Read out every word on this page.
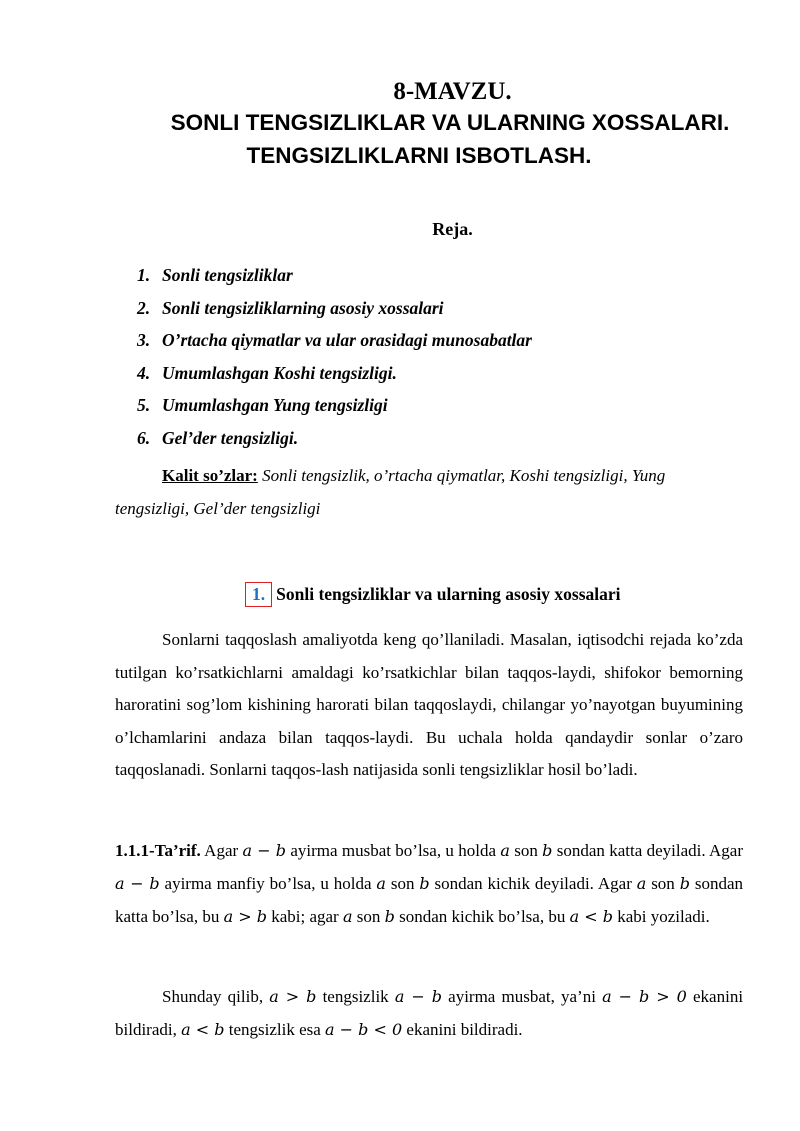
8-MAVZU.
SONLI TENGSIZLIKLAR VA ULARNING XOSSALARI.
TENGSIZLIKLARNI ISBOTLASH.
Reja.
1. Sonli tengsizliklar
2. Sonli tengsizliklarning asosiy xossalari
3. O’rtacha qiymatlar va ular orasidagi munosabatlar
4. Umumlashgan Koshi tengsizligi.
5. Umumlashgan Yung tengsizligi
6. Gel’der tengsizligi.
Kalit so’zlar: Sonli tengsizlik, o’rtacha qiymatlar, Koshi tengsizligi, Yung tengsizligi, Gel’der tengsizligi
1. Sonli tengsizliklar va ularning asosiy xossalari

Sonlarni taqqoslash amaliyotda keng qo’llaniladi. Masalan, iqtisodchi rejada ko’zda tutilgan ko’rsatkichlarni amaldagi ko’rsatkichlar bilan taqqos-laydi, shifokor bemorning haroratini sog’lom kishining harorati bilan taqqoslaydi, chilangar yo’nayotgan buyumining o’lchamlarini andaza bilan taqqos-laydi. Bu uchala holda qandaydir sonlar o’zaro taqqoslanadi. Sonlarni taqqos-lash natijasida sonli tengsizliklar hosil bo’ladi.

1.1.1-Ta’rif. Agar a − b ayirma musbat bo’lsa, u holda a son b sondan katta deyiladi. Agar a − b ayirma manfiy bo’lsa, u holda a son b sondan kichik deyiladi. Agar a son b sondan katta bo’lsa, bu a > b kabi; agar a son b sondan kichik bo’lsa, bu a < b kabi yoziladi.

Shunday qilib, a > b tengsizlik a − b ayirma musbat, ya’ni a − b > 0 ekanini bildiradi, a < b tengsizlik esa a − b < 0 ekanini bildiradi.
